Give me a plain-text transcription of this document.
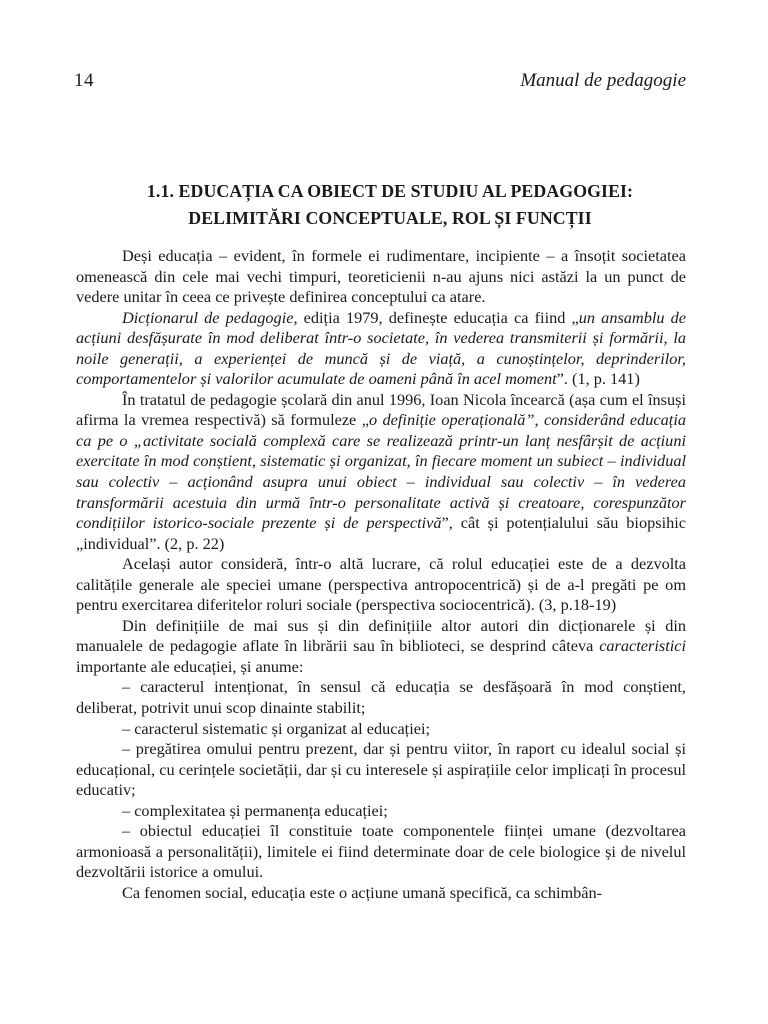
14	Manual de pedagogie
1.1. EDUCAȚIA CA OBIECT DE STUDIU AL PEDAGOGIEI:
DELIMITĂRI CONCEPTUALE, ROL ȘI FUNCȚII

Deși educația – evident, în formele ei rudimentare, incipiente – a însoțit societatea omenească din cele mai vechi timpuri, teoreticienii n-au ajuns nici astăzi la un punct de vedere unitar în ceea ce privește definirea conceptului ca atare.

Dicționarul de pedagogie, ediția 1979, definește educația ca fiind „un ansamblu de acțiuni desfășurate în mod deliberat într-o societate, în vederea transmiterii și formării, la noile generații, a experienței de muncă și de viață, a cunoștințelor, deprinderilor, comportamentelor și valorilor acumulate de oameni până în acel moment”. (1, p. 141)

În tratatul de pedagogie școlară din anul 1996, Ioan Nicola încearcă (așa cum el însuși afirma la vremea respectivă) să formuleze „o definiție operațională”, considerând educația ca pe o „activitate socială complexă care se realizează printr-un lanț nesfârșit de acțiuni exercitate în mod conștient, sistematic și organizat, în fiecare moment un subiect – individual sau colectiv – acționând asupra unui obiect – individual sau colectiv – în vederea transformării acestuia din urmă într-o personalitate activă și creatoare, corespunzător condițiilor istorico-sociale prezente și de perspectivă”, cât și potențialului său biopsihic „individual”. (2, p. 22)

Același autor consideră, într-o altă lucrare, că rolul educației este de a dezvolta calitățile generale ale speciei umane (perspectiva antropocentrică) și de a-l pregăti pe om pentru exercitarea diferitelor roluri sociale (perspectiva sociocentrică). (3, p.18-19)

Din definițiile de mai sus și din definițiile altor autori din dicționarele și din manualele de pedagogie aflate în librării sau în biblioteci, se desprind câteva caracteristici importante ale educației, și anume:

– caracterul intenționat, în sensul că educația se desfășoară în mod conștient, deliberat, potrivit unui scop dinainte stabilit;

– caracterul sistematic și organizat al educației;

– pregătirea omului pentru prezent, dar și pentru viitor, în raport cu idealul social și educațional, cu cerințele societății, dar și cu interesele și aspirațiile celor implicați în procesul educativ;

– complexitatea și permanența educației;

– obiectul educației îl constituie toate componentele ființei umane (dezvoltarea armonioasă a personalității), limitele ei fiind determinate doar de cele biologice și de nivelul dezvoltării istorice a omului.

Ca fenomen social, educația este o acțiune umană specifică, ca schimbân-
